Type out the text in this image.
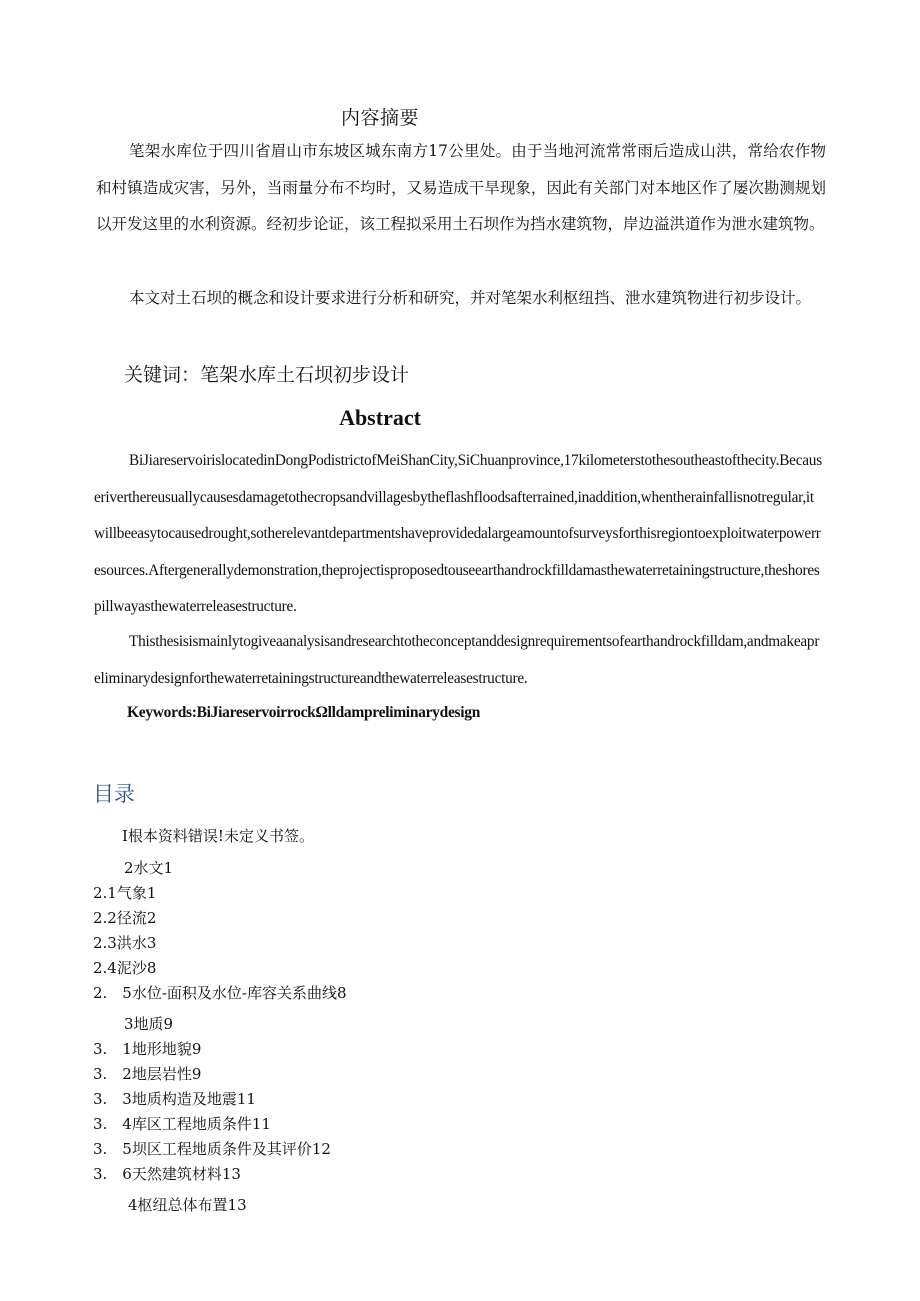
内容摘要

笔架水库位于四川省眉山市东坡区城东南方17公里处。由于当地河流常常雨后造成山洪，常给农作物和村镇造成灾害，另外，当雨量分布不均时，又易造成干旱现象，因此有关部门对本地区作了屡次勘测规划以开发这里的水利资源。经初步论证，该工程拟采用土石坝作为挡水建筑物，岸边溢洪道作为泄水建筑物。

本文对土石坝的概念和设计要求进行分析和研究，并对笔架水利枢纽挡、泄水建筑物进行初步设计。

关键词：笔架水库土石坝初步设计
Abstract

BiJiareservoirislocatedinDongPodistrictofMeiShanCity,SiChuanprovince,17kilometerstothesoutheastofthecity.Becauseriverthereusuallycausesdamagetothecropsandvillagesbytheflashfloodsafterrained,inaddition,whentherainfallisnotregular,itwillbeeasytocausedrought,sotherelevantdepartmentshaveprovidedalargeamountofsurveysforthisregiontoexploitwaterpowerresources.Aftergenerallydemonstration,theprojectisproposedtouseearthandrockfilldamasthewaterretainingstructure,theshorespillwayasthewaterreleasestructure.

Thisthesisismainlytogiveaanalysisandresearchtotheconceptanddesignrequirementsofearthandrockfilldam,andmakeapreliminarydesignforthewaterretainingstructureandthewaterreleasestructure.

Keywords:BiJiareservoirrockΩlldampreliminarydesign
目录
I根本资料错误!未定义书签。
2水文1
2.1气象1
2.2径流2
2.3洪水3
2.4泥沙8
2.　5水位-面积及水位-库容关系曲线8
3地质9
3.　1地形地貌9
3.　2地层岩性9
3.　3地质构造及地震11
3.　4库区工程地质条件11
3.　5坝区工程地质条件及其评价12
3.　6天然建筑材料13
4枢纽总体布置13
